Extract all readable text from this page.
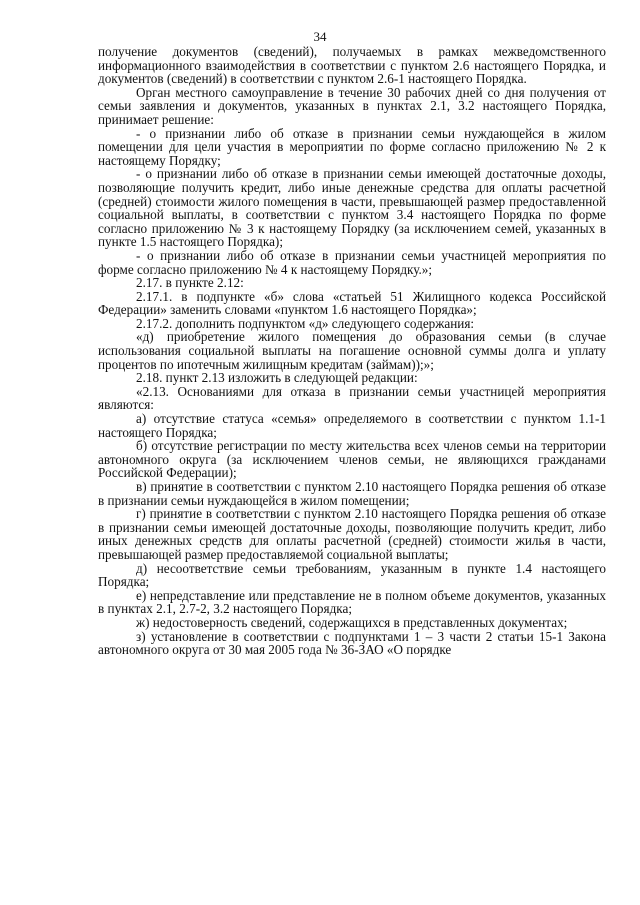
34

получение документов (сведений), получаемых в рамках межведомственного информационного взаимодействия в соответствии с пунктом 2.6 настоящего Порядка, и документов (сведений) в соответствии с пунктом 2.6-1 настоящего Порядка.

Орган местного самоуправление в течение 30 рабочих дней со дня получения от семьи заявления и документов, указанных в пунктах 2.1, 3.2 настоящего Порядка, принимает решение:

- о признании либо об отказе в признании семьи нуждающейся в жилом помещении для цели участия в мероприятии по форме согласно приложению № 2 к настоящему Порядку;

- о признании либо об отказе в признании семьи имеющей достаточные доходы, позволяющие получить кредит, либо иные денежные средства для оплаты расчетной (средней) стоимости жилого помещения в части, превышающей размер предоставленной социальной выплаты, в соответствии с пунктом 3.4 настоящего Порядка по форме согласно приложению № 3 к настоящему Порядку (за исключением семей, указанных в пункте 1.5 настоящего Порядка);

- о признании либо об отказе в признании семьи участницей мероприятия по форме согласно приложению № 4 к настоящему Порядку.»;

2.17. в пункте 2.12:

2.17.1. в подпункте «б» слова «статьей 51 Жилищного кодекса Российской Федерации» заменить словами «пунктом 1.6 настоящего Порядка»;

2.17.2. дополнить подпунктом «д» следующего содержания:

«д) приобретение жилого помещения до образования семьи (в случае использования социальной выплаты на погашение основной суммы долга и уплату процентов по ипотечным жилищным кредитам (займам));»;

2.18. пункт 2.13 изложить в следующей редакции:

«2.13. Основаниями для отказа в признании семьи участницей мероприятия являются:

а) отсутствие статуса «семья» определяемого в соответствии с пунктом 1.1-1 настоящего Порядка;

б) отсутствие регистрации по месту жительства всех членов семьи на территории автономного округа (за исключением членов семьи, не являющихся гражданами Российской Федерации);

в) принятие в соответствии с пунктом 2.10 настоящего Порядка решения об отказе в признании семьи нуждающейся в жилом помещении;

г) принятие в соответствии с пунктом 2.10 настоящего Порядка решения об отказе в признании семьи имеющей достаточные доходы, позволяющие получить кредит, либо иных денежных средств для оплаты расчетной (средней) стоимости жилья в части, превышающей размер предоставляемой социальной выплаты;

д) несоответствие семьи требованиям, указанным в пункте 1.4 настоящего Порядка;

е) непредставление или представление не в полном объеме документов, указанных в пунктах 2.1, 2.7-2, 3.2 настоящего Порядка;

ж) недостоверность сведений, содержащихся в представленных документах;

з) установление в соответствии с подпунктами 1 – 3 части 2 статьи 15-1 Закона автономного округа от 30 мая 2005 года № 36-ЗАО «О порядке
